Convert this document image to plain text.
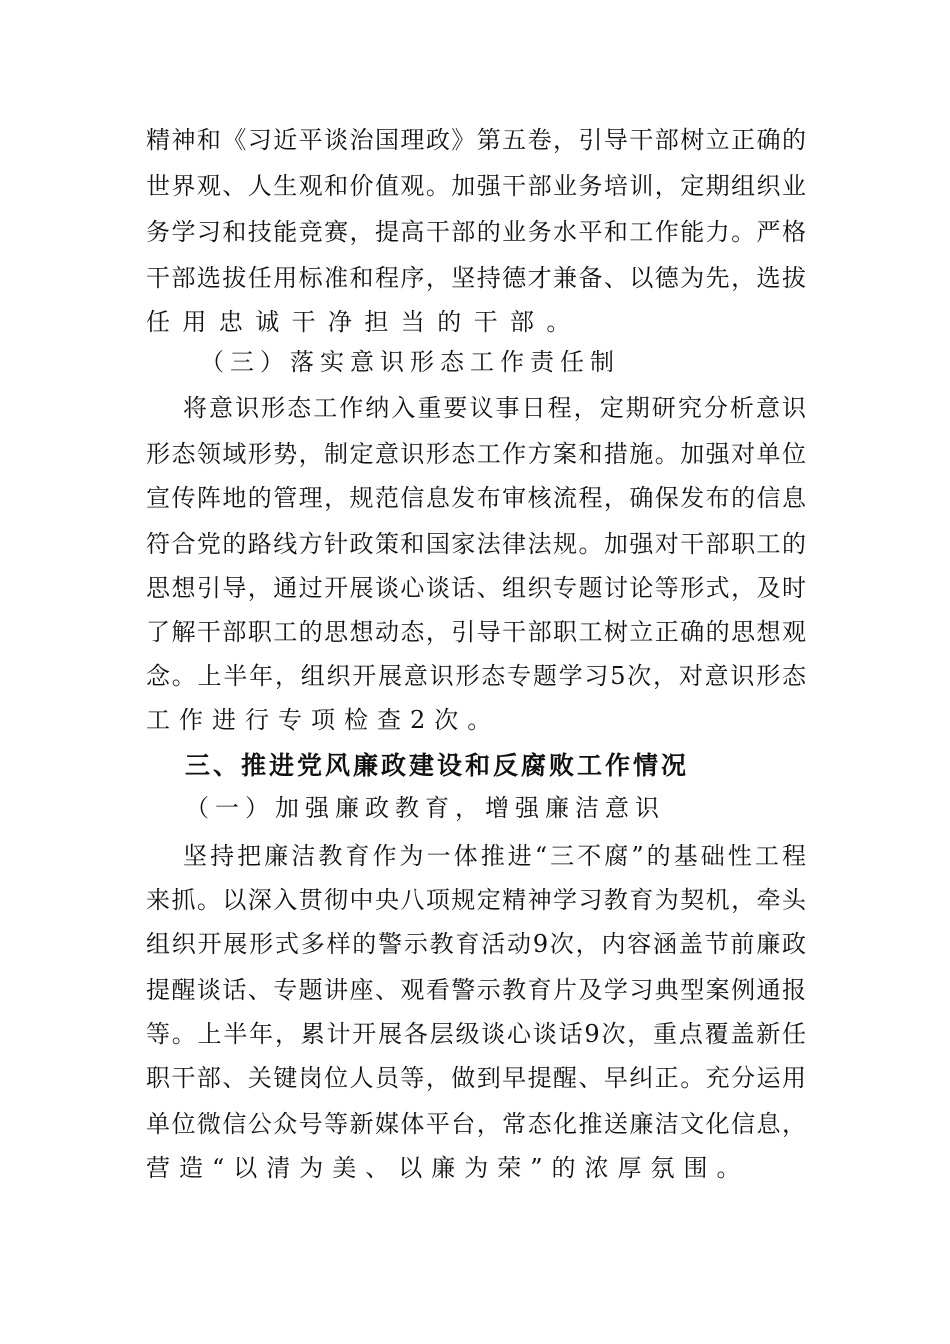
精神和《习近平谈治国理政》第五卷，引导干部树立正确的
世界观、人生观和价值观。加强干部业务培训，定期组织业
务学习和技能竞赛，提高干部的业务水平和工作能力。严格
干部选拔任用标准和程序，坚持德才兼备、以德为先，选拔
任用忠诚干净担当的干部。
（三）落实意识形态工作责任制
将意识形态工作纳入重要议事日程，定期研究分析意识
形态领域形势，制定意识形态工作方案和措施。加强对单位
宣传阵地的管理，规范信息发布审核流程，确保发布的信息
符合党的路线方针政策和国家法律法规。加强对干部职工的
思想引导，通过开展谈心谈话、组织专题讨论等形式，及时
了解干部职工的思想动态，引导干部职工树立正确的思想观
念。上半年，组织开展意识形态专题学习5次，对意识形态
工作进行专项检查2次。
三、推进党风廉政建设和反腐败工作情况
（一）加强廉政教育，增强廉洁意识
坚持把廉洁教育作为一体推进“三不腐”的基础性工程
来抓。以深入贯彻中央八项规定精神学习教育为契机，牵头
组织开展形式多样的警示教育活动9次，内容涵盖节前廉政
提醒谈话、专题讲座、观看警示教育片及学习典型案例通报
等。上半年，累计开展各层级谈心谈话9次，重点覆盖新任
职干部、关键岗位人员等，做到早提醒、早纠正。充分运用
单位微信公众号等新媒体平台，常态化推送廉洁文化信息，
营造“以清为美、以廉为荣”的浓厚氛围。
